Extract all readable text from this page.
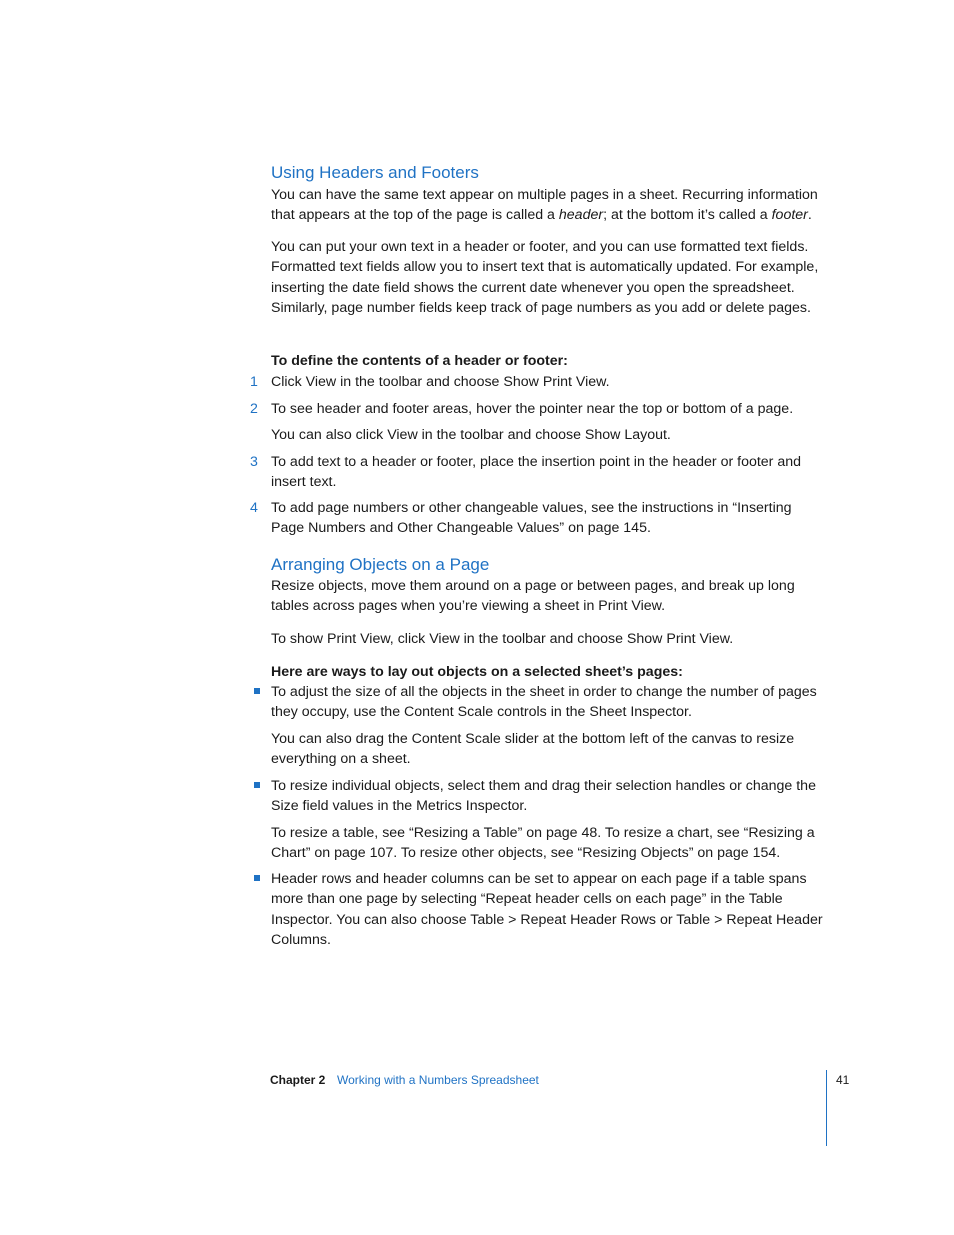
Using Headers and Footers

You can have the same text appear on multiple pages in a sheet. Recurring information that appears at the top of the page is called a header; at the bottom it’s called a footer.

You can put your own text in a header or footer, and you can use formatted text fields. Formatted text fields allow you to insert text that is automatically updated. For example, inserting the date field shows the current date whenever you open the spreadsheet. Similarly, page number fields keep track of page numbers as you add or delete pages.

To define the contents of a header or footer:

1 Click View in the toolbar and choose Show Print View.

2 To see header and footer areas, hover the pointer near the top or bottom of a page.

You can also click View in the toolbar and choose Show Layout.

3 To add text to a header or footer, place the insertion point in the header or footer and insert text.

4 To add page numbers or other changeable values, see the instructions in “Inserting Page Numbers and Other Changeable Values” on page 145.

Arranging Objects on a Page

Resize objects, move them around on a page or between pages, and break up long tables across pages when you’re viewing a sheet in Print View.

To show Print View, click View in the toolbar and choose Show Print View.

Here are ways to lay out objects on a selected sheet’s pages:

To adjust the size of all the objects in the sheet in order to change the number of pages they occupy, use the Content Scale controls in the Sheet Inspector.

You can also drag the Content Scale slider at the bottom left of the canvas to resize everything on a sheet.

To resize individual objects, select them and drag their selection handles or change the Size field values in the Metrics Inspector.

To resize a table, see “Resizing a Table” on page 48. To resize a chart, see “Resizing a Chart” on page 107. To resize other objects, see “Resizing Objects” on page 154.

Header rows and header columns can be set to appear on each page if a table spans more than one page by selecting “Repeat header cells on each page” in the Table Inspector. You can also choose Table > Repeat Header Rows or Table > Repeat Header Columns.

Chapter 2 Working with a Numbers Spreadsheet	41
